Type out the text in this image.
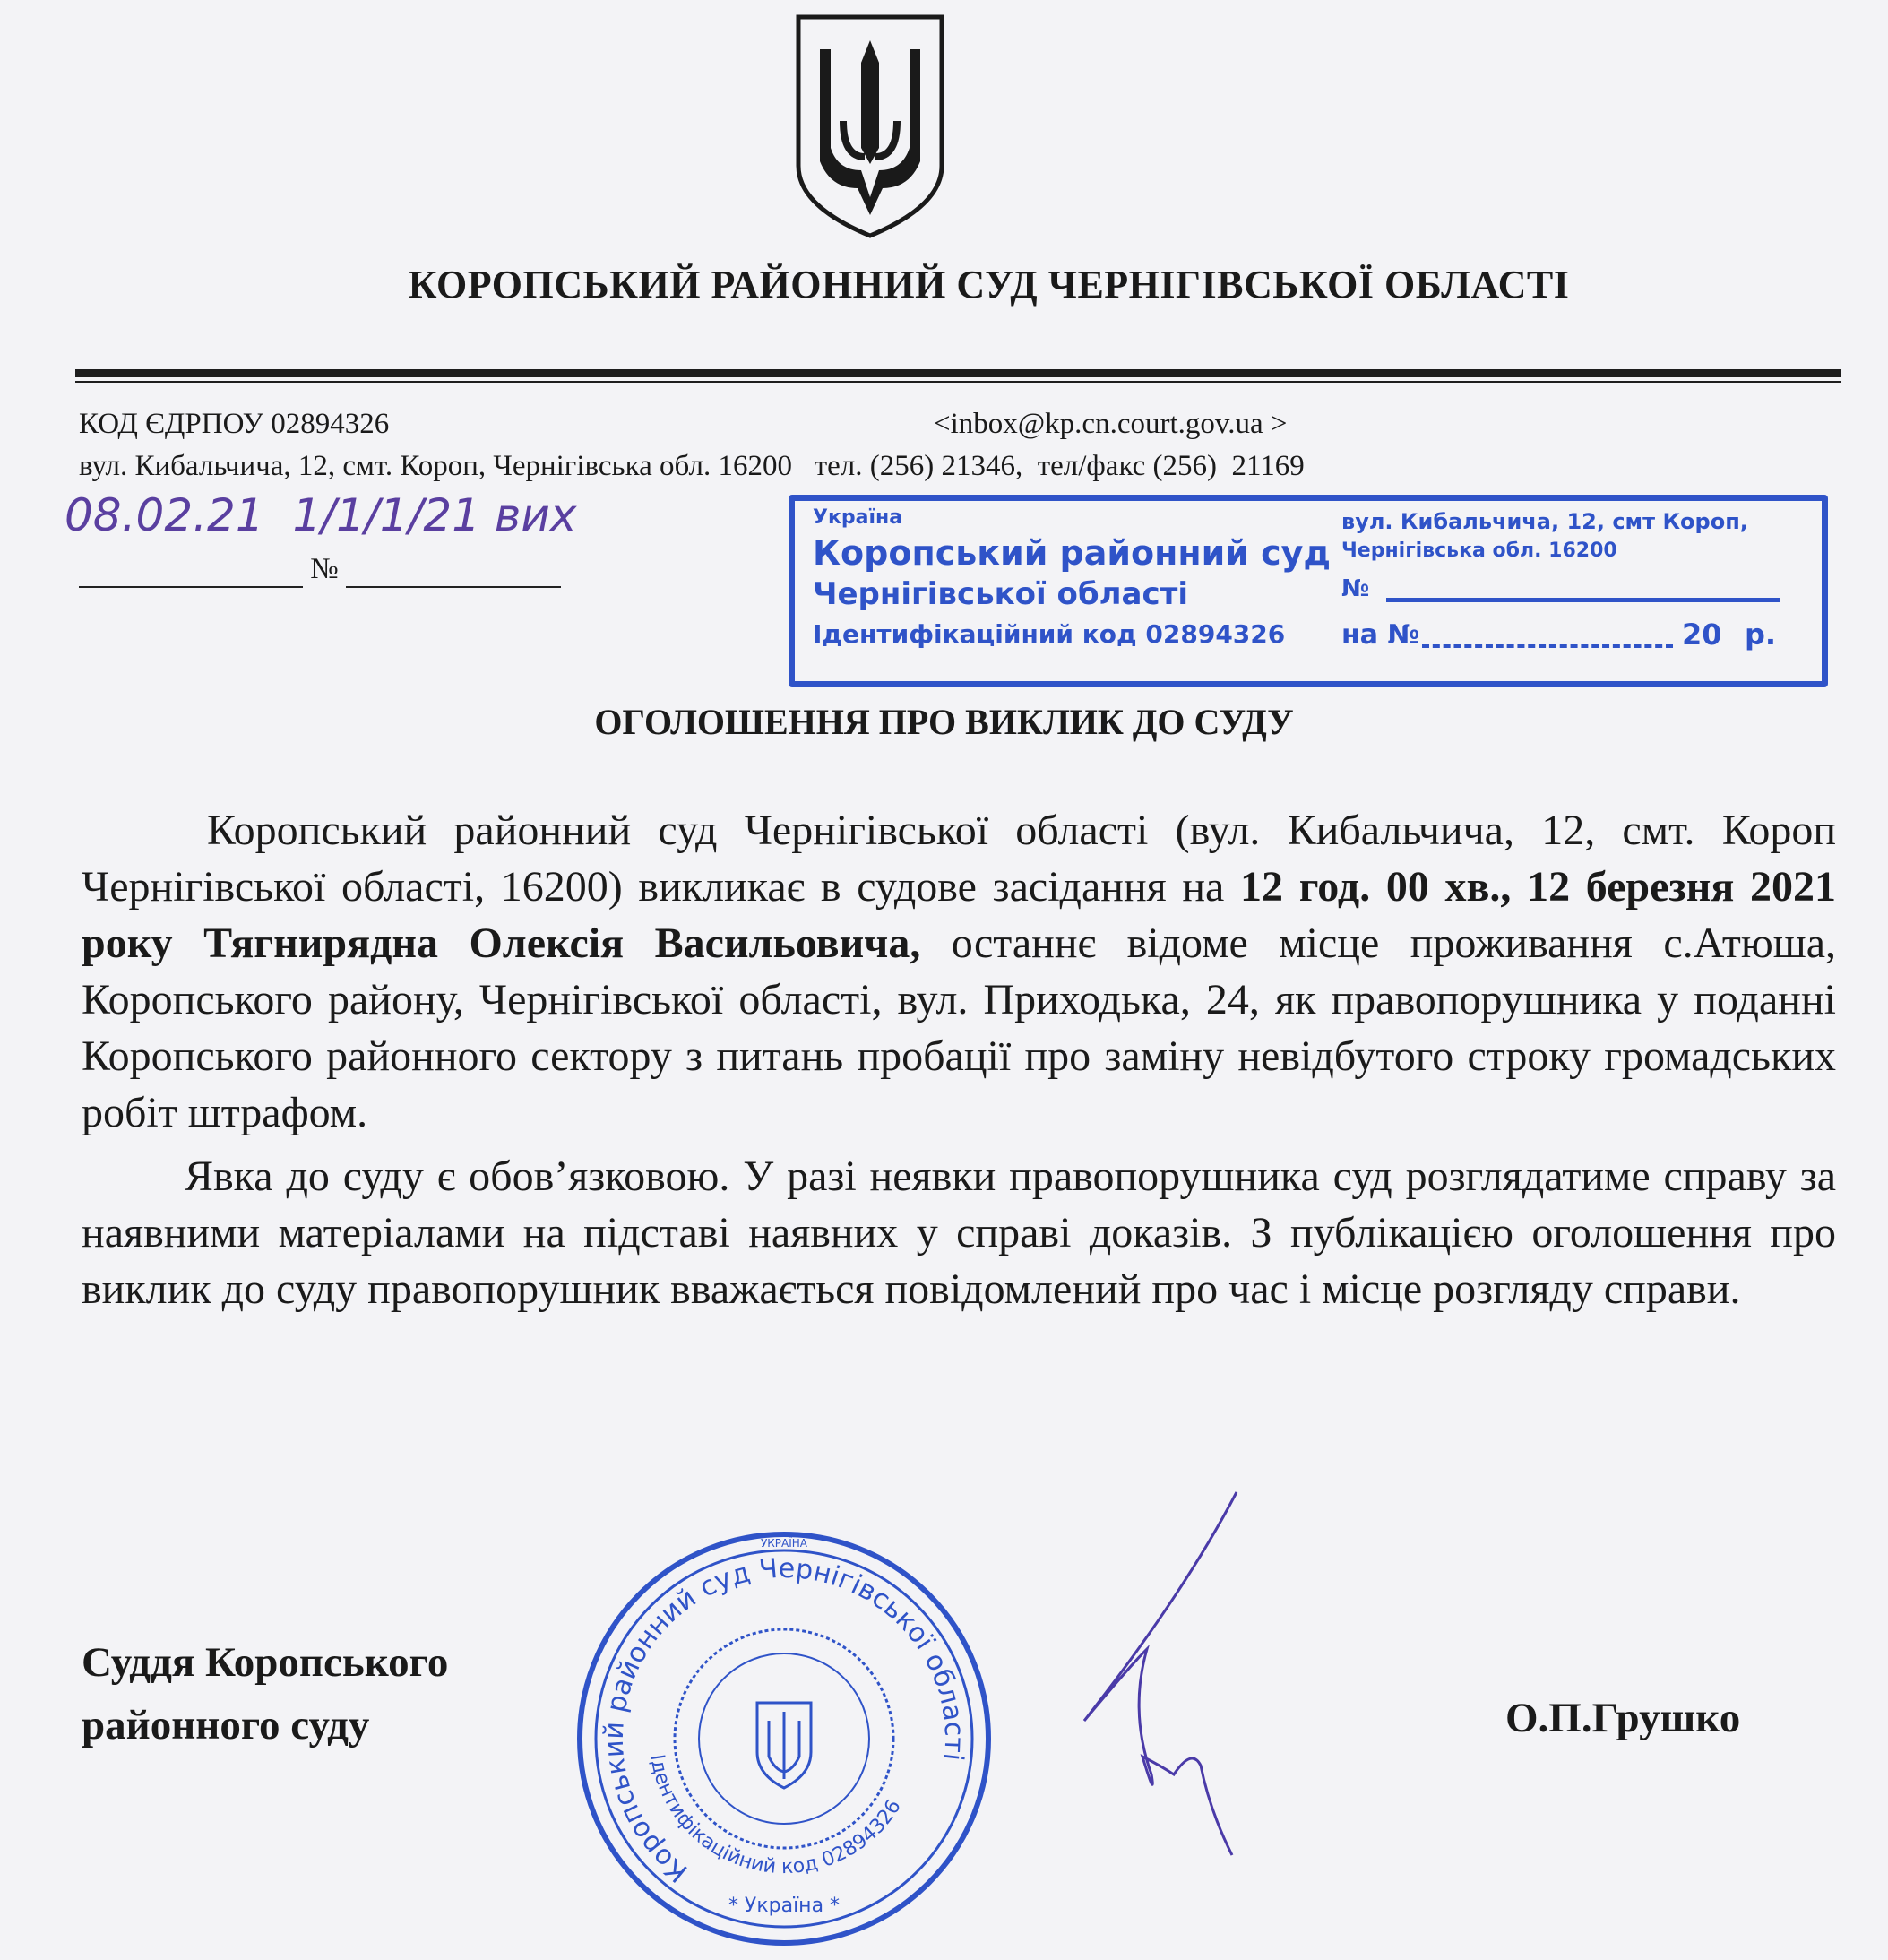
КОРОПСЬКИЙ РАЙОННИЙ СУД ЧЕРНІГІВСЬКОЇ ОБЛАСТІ
КОД ЄДРПОУ 02894326	<inbox@kp.cn.court.gov.ua >
вул. Кибальчича, 12, смт. Короп, Чернігівська обл. 16200   тел. (256) 21346,  тел/факс (256)  21169
08.02.21  1/1/1/21 вих
№
Україна
Коропський районний суд
Чернігівської області
Ідентифікаційний код 02894326
вул. Кибальчича, 12, смт Короп,
Чернігівська обл. 16200
№
на №	20 р.
ОГОЛОШЕННЯ ПРО ВИКЛИК ДО СУДУ

Коропський районний суд Чернігівської області (вул. Кибальчича, 12, смт. Короп Чернігівської області, 16200) викликає в судове засідання на 12 год. 00 хв., 12 березня 2021 року Тягнирядна Олексія Васильовича, останнє відоме місце проживання с.Атюша, Коропського району, Чернігівської області, вул. Приходька, 24, як правопорушника у поданні Коропського районного сектору з питань пробації про заміну невідбутого строку громадських робіт штрафом.

Явка до суду є обов’язковою. У разі неявки правопорушника суд розглядатиме справу за наявними матеріалами на підставі наявних у справі доказів. З публікацією оголошення про виклик до суду правопорушник вважається повідомлений про час і місце розгляду справи.

Коропський районний суд Чернігівської області
Ідентифікаційний код 02894326
* Україна *
УКРАЇНА
Суддя Коропського
районного суду	О.П.Грушко
